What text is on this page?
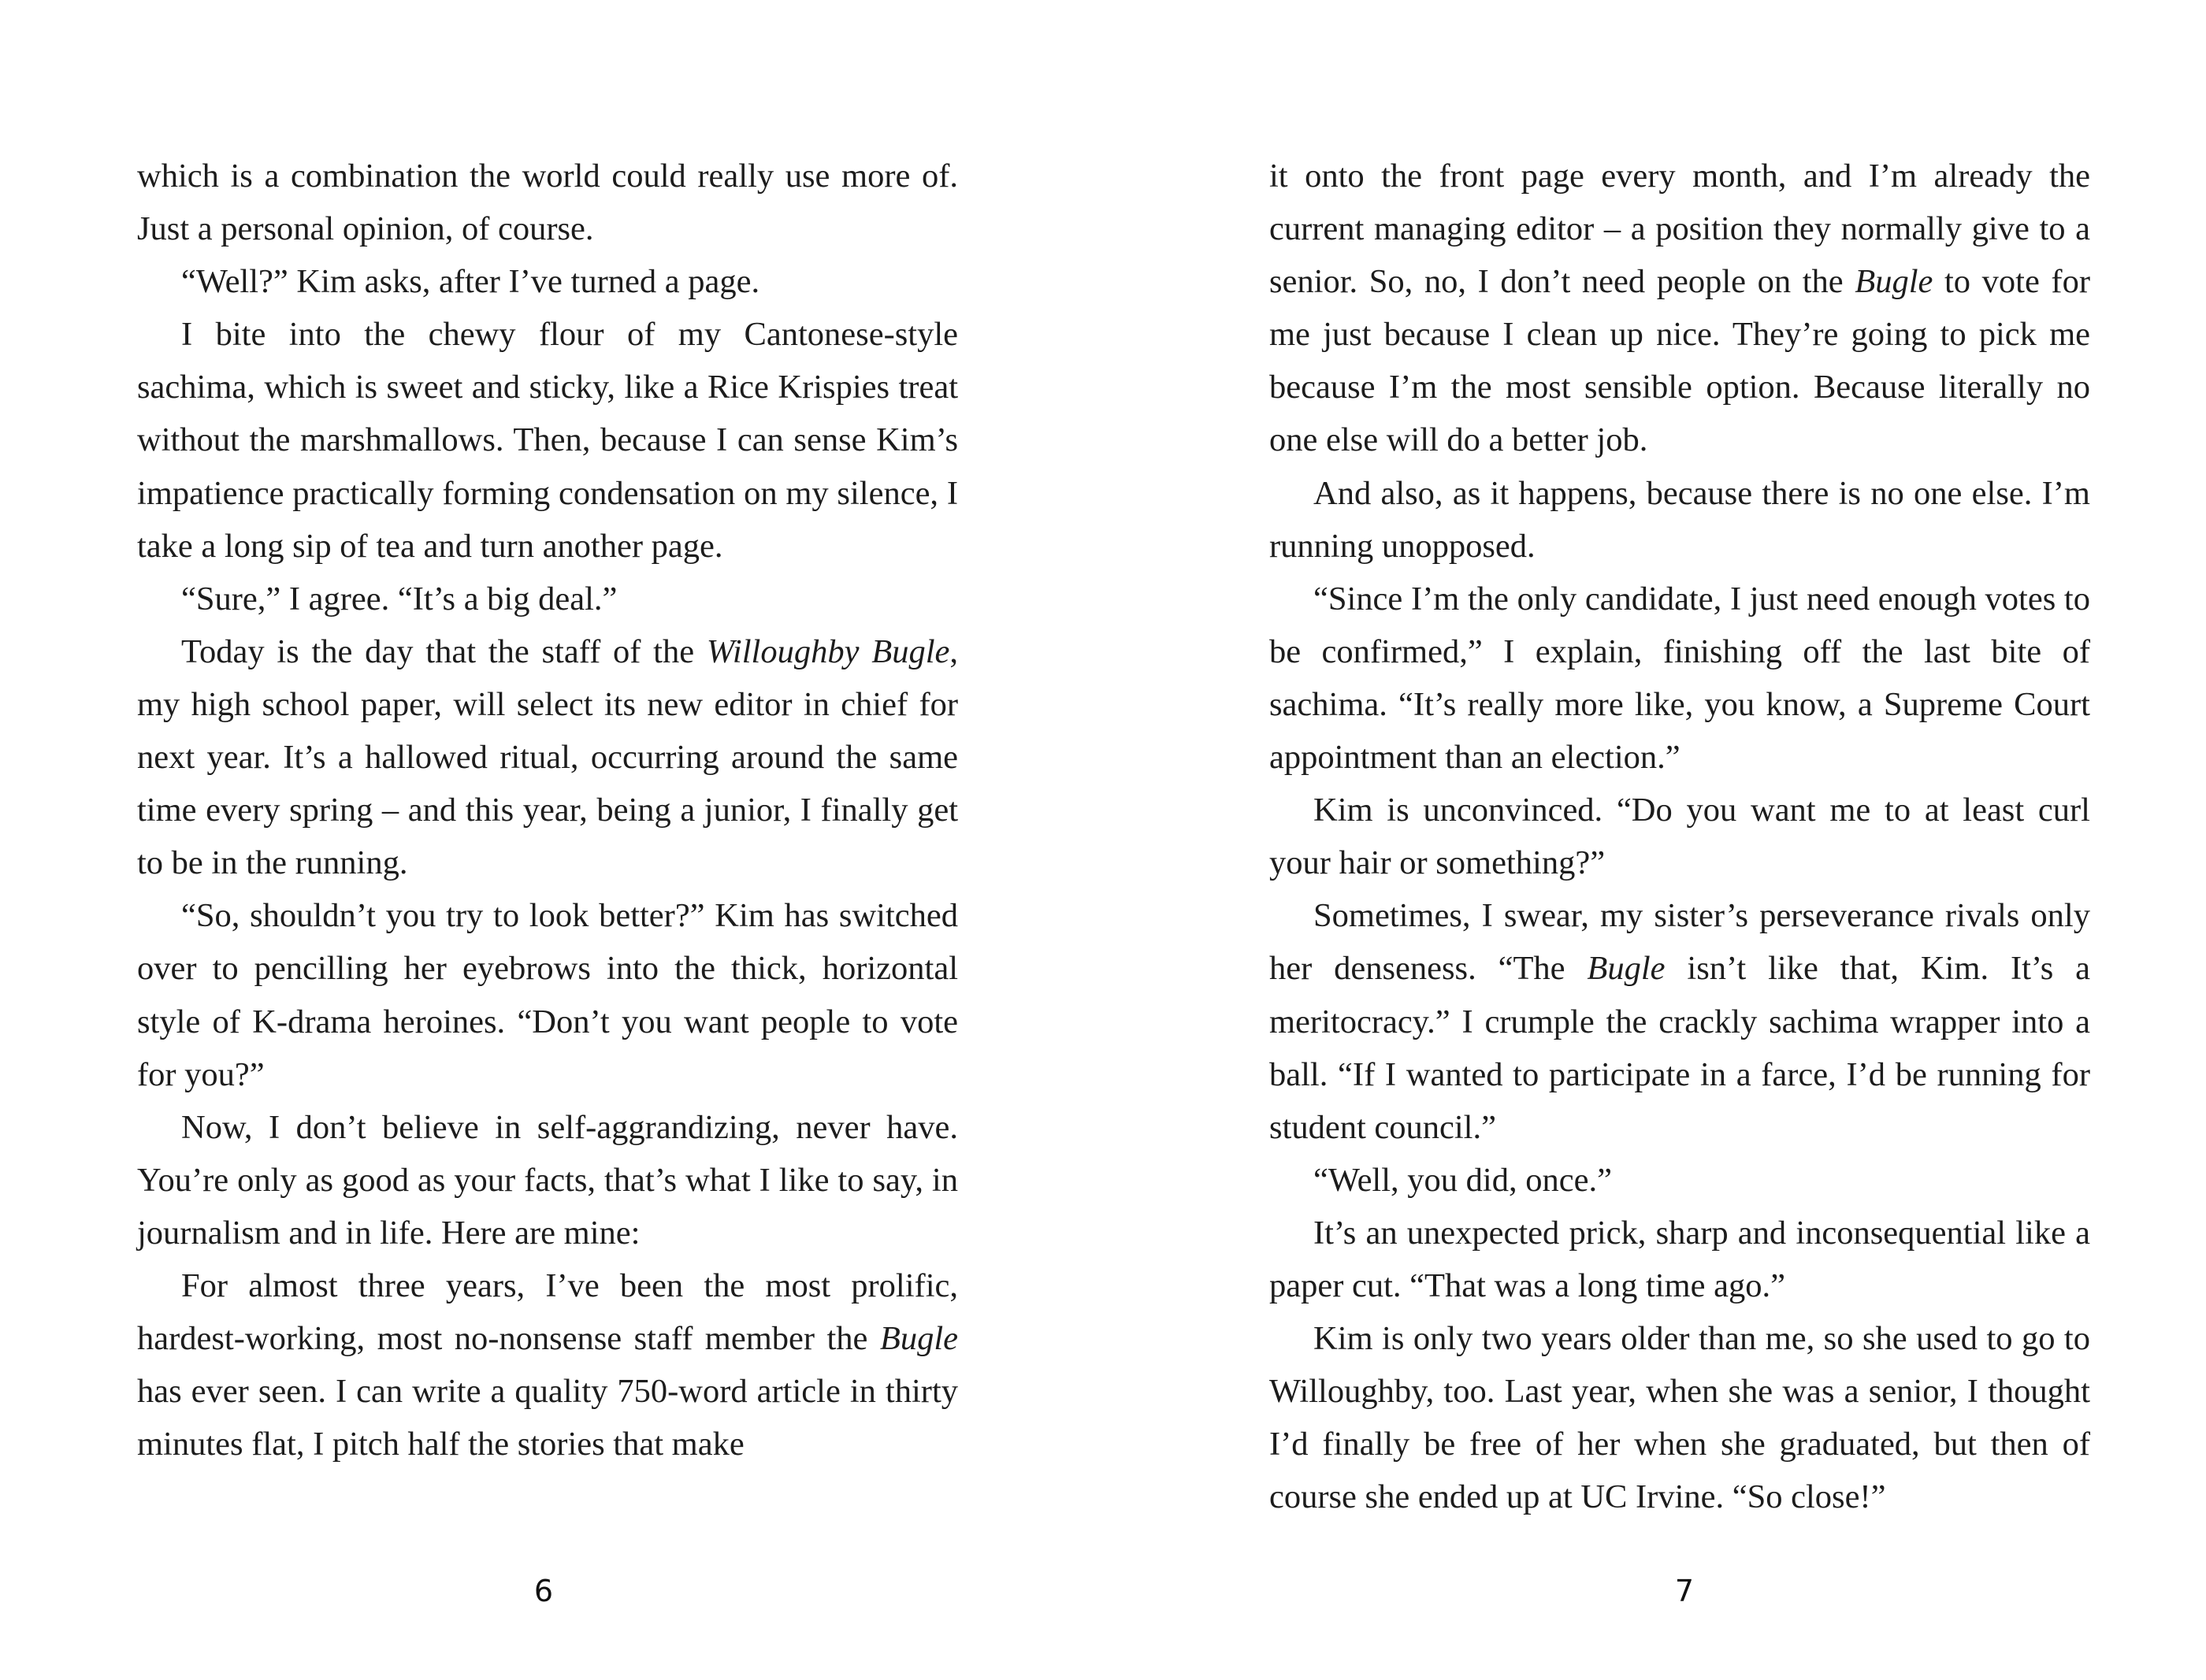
which is a combination the world could really use more of. Just a personal opinion, of course.

“Well?” Kim asks, after I’ve turned a page.

I bite into the chewy flour of my Cantonese-style sachima, which is sweet and sticky, like a Rice Krispies treat without the marshmallows. Then, because I can sense Kim’s impatience practically forming condensation on my silence, I take a long sip of tea and turn another page.

“Sure,” I agree. “It’s a big deal.”

Today is the day that the staff of the Willoughby Bugle, my high school paper, will select its new editor in chief for next year. It’s a hallowed ritual, occurring around the same time every spring – and this year, being a junior, I finally get to be in the running.

“So, shouldn’t you try to look better?” Kim has switched over to pencilling her eyebrows into the thick, horizontal style of K-drama heroines. “Don’t you want people to vote for you?”

Now, I don’t believe in self-aggrandizing, never have. You’re only as good as your facts, that’s what I like to say, in journalism and in life. Here are mine:

For almost three years, I’ve been the most prolific, hardest-working, most no-nonsense staff member the Bugle has ever seen. I can write a quality 750-word article in thirty minutes flat, I pitch half the stories that make

it onto the front page every month, and I’m already the current managing editor – a position they normally give to a senior. So, no, I don’t need people on the Bugle to vote for me just because I clean up nice. They’re going to pick me because I’m the most sensible option. Because literally no one else will do a better job.

And also, as it happens, because there is no one else. I’m running unopposed.

“Since I’m the only candidate, I just need enough votes to be confirmed,” I explain, finishing off the last bite of sachima. “It’s really more like, you know, a Supreme Court appointment than an election.”

Kim is unconvinced. “Do you want me to at least curl your hair or something?”

Sometimes, I swear, my sister’s perseverance rivals only her denseness. “The Bugle isn’t like that, Kim. It’s a meritocracy.” I crumple the crackly sachima wrapper into a ball. “If I wanted to participate in a farce, I’d be running for student council.”

“Well, you did, once.”

It’s an unexpected prick, sharp and inconsequential like a paper cut. “That was a long time ago.”

Kim is only two years older than me, so she used to go to Willoughby, too. Last year, when she was a senior, I thought I’d finally be free of her when she graduated, but then of course she ended up at UC Irvine. “So close!”

6	7
